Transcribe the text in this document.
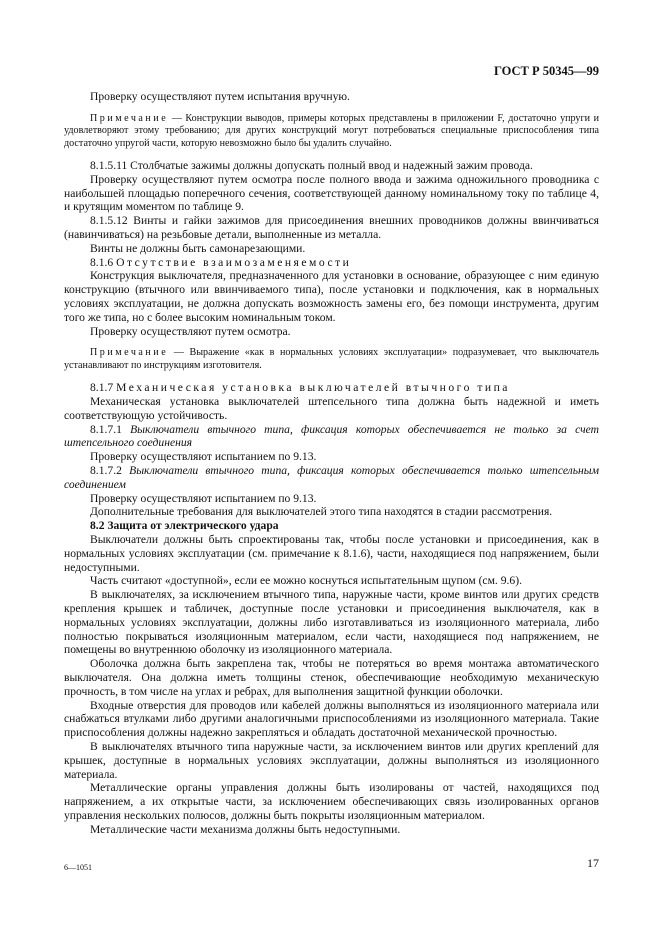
ГОСТ Р 50345—99

Проверку осуществляют путем испытания вручную.

Примечание — Конструкции выводов, примеры которых представлены в приложении F, достаточно упруги и удовлетворяют этому требованию; для других конструкций могут потребоваться специальные приспособления типа достаточно упругой части, которую невозможно было бы удалить случайно.

8.1.5.11 Столбчатые зажимы должны допускать полный ввод и надежный зажим провода.

Проверку осуществляют путем осмотра после полного ввода и зажима одножильного проводника с наибольшей площадью поперечного сечения, соответствующей данному номинальному току по таблице 4, и крутящим моментом по таблице 9.

8.1.5.12 Винты и гайки зажимов для присоединения внешних проводников должны ввинчиваться (навинчиваться) на резьбовые детали, выполненные из металла.

Винты не должны быть самонарезающими.

8.1.6 Отсутствие взаимозаменяемости

Конструкция выключателя, предназначенного для установки в основание, образующее с ним единую конструкцию (втычного или ввинчиваемого типа), после установки и подключения, как в нормальных условиях эксплуатации, не должна допускать возможность замены его, без помощи инструмента, другим того же типа, но с более высоким номинальным током.

Проверку осуществляют путем осмотра.

Примечание — Выражение «как в нормальных условиях эксплуатации» подразумевает, что выключатель устанавливают по инструкциям изготовителя.

8.1.7 Механическая установка выключателей втычного типа

Механическая установка выключателей штепсельного типа должна быть надежной и иметь соответствующую устойчивость.

8.1.7.1 Выключатели втычного типа, фиксация которых обеспечивается не только за счет штепсельного соединения

Проверку осуществляют испытанием по 9.13.

8.1.7.2 Выключатели втычного типа, фиксация которых обеспечивается только штепсельным соединением

Проверку осуществляют испытанием по 9.13.

Дополнительные требования для выключателей этого типа находятся в стадии рассмотрения.

8.2 Защита от электрического удара

Выключатели должны быть спроектированы так, чтобы после установки и присоединения, как в нормальных условиях эксплуатации (см. примечание к 8.1.6), части, находящиеся под напряжением, были недоступными.

Часть считают «доступной», если ее можно коснуться испытательным щупом (см. 9.6).

В выключателях, за исключением втычного типа, наружные части, кроме винтов или других средств крепления крышек и табличек, доступные после установки и присоединения выключателя, как в нормальных условиях эксплуатации, должны либо изготавливаться из изоляционного материала, либо полностью покрываться изоляционным материалом, если части, находящиеся под напряжением, не помещены во внутреннюю оболочку из изоляционного материала.

Оболочка должна быть закреплена так, чтобы не потеряться во время монтажа автоматического выключателя. Она должна иметь толщины стенок, обеспечивающие необходимую механическую прочность, в том числе на углах и ребрах, для выполнения защитной функции оболочки.

Входные отверстия для проводов или кабелей должны выполняться из изоляционного материала или снабжаться втулками либо другими аналогичными приспособлениями из изоляционного материала. Такие приспособления должны надежно закрепляться и обладать достаточной механической прочностью.

В выключателях втычного типа наружные части, за исключением винтов или других креплений для крышек, доступные в нормальных условиях эксплуатации, должны выполняться из изоляционного материала.

Металлические органы управления должны быть изолированы от частей, находящихся под напряжением, а их открытые части, за исключением обеспечивающих связь изолированных органов управления нескольких полюсов, должны быть покрыты изоляционным материалом.

Металлические части механизма должны быть недоступными.

6—1051	17
